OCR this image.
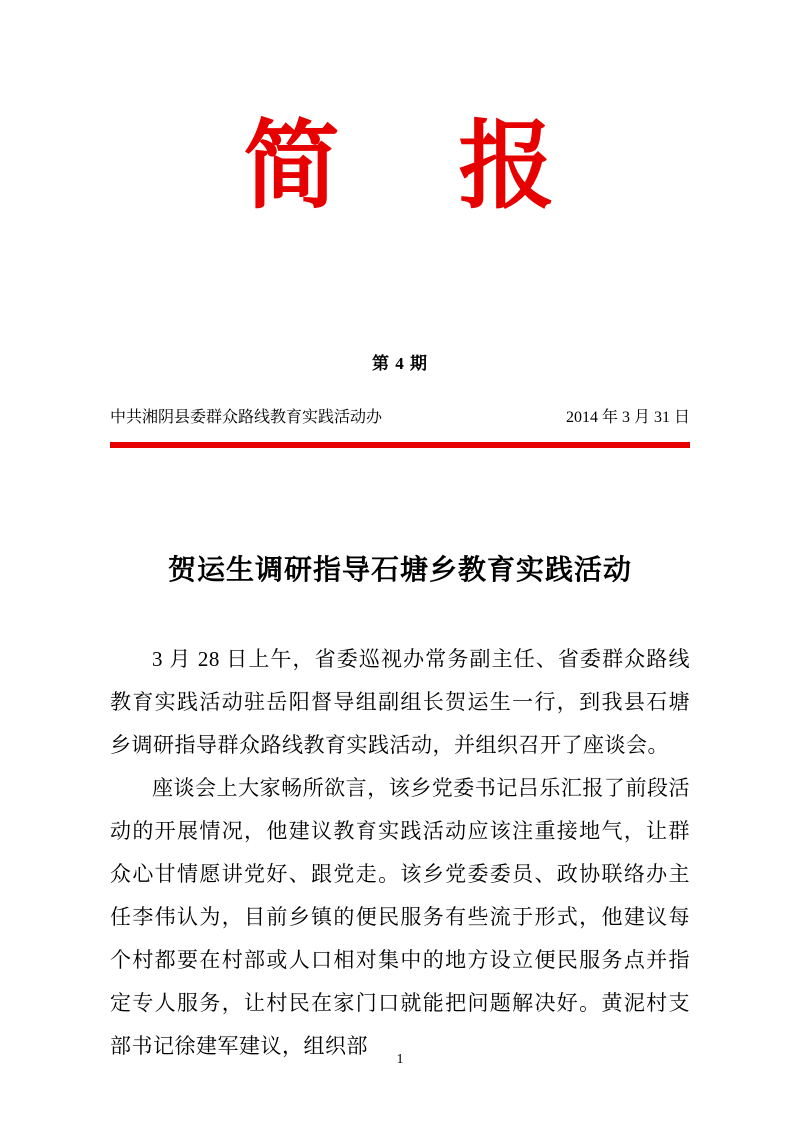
简 报
第 4 期
中共湘阴县委群众路线教育实践活动办	2014 年 3 月 31 日
贺运生调研指导石塘乡教育实践活动

3 月 28 日上午，省委巡视办常务副主任、省委群众路线教育实践活动驻岳阳督导组副组长贺运生一行，到我县石塘乡调研指导群众路线教育实践活动，并组织召开了座谈会。

座谈会上大家畅所欲言，该乡党委书记吕乐汇报了前段活动的开展情况，他建议教育实践活动应该注重接地气，让群众心甘情愿讲党好、跟党走。该乡党委委员、政协联络办主任李伟认为，目前乡镇的便民服务有些流于形式，他建议每个村都要在村部或人口相对集中的地方设立便民服务点并指定专人服务，让村民在家门口就能把问题解决好。黄泥村支部书记徐建军建议，组织部

1
